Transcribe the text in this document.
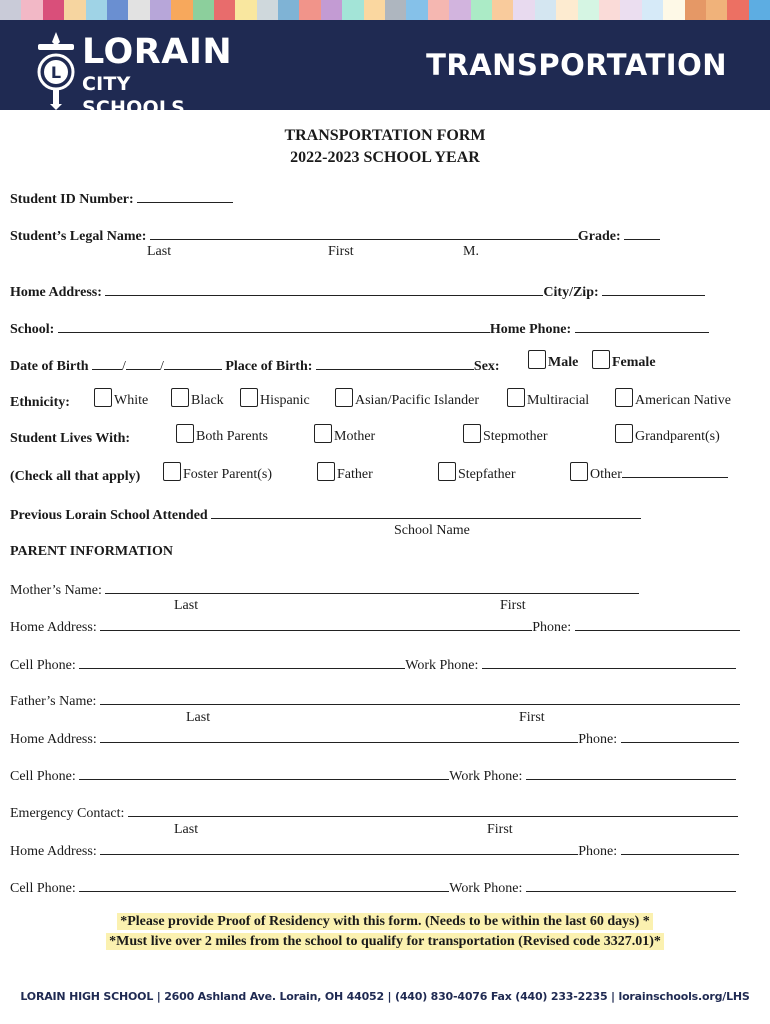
L
LORAIN
CITY SCHOOLS
TRANSPORTATION
TRANSPORTATION FORM
2022-2023 SCHOOL YEAR
Student ID Number:
Student’s Legal Name:	Grade:
Last	First	M.
Home Address:	City/Zip:
School:	Home Phone:
Date of Birth / /	Place of Birth:	Sex:	Male	Female
Ethnicity:	White	Black	Hispanic	Asian/Pacific Islander	Multiracial	American Native
Student Lives With:	Both Parents	Mother	Stepmother	Grandparent(s)
(Check all that apply)	Foster Parent(s)	Father	Stepfather	Other
Previous Lorain School Attended
School Name
PARENT INFORMATION
Mother’s Name:
Last	First
Home Address:	Phone:
Cell Phone:	Work Phone:
Father’s Name:
Last	First
Home Address:	Phone:
Cell Phone:	Work Phone:
Emergency Contact:
Last	First
Home Address:	Phone:
Cell Phone:	Work Phone:
*Please provide Proof of Residency with this form. (Needs to be within the last 60 days) *
*Must live over 2 miles from the school to qualify for transportation (Revised code 3327.01)*
LORAIN HIGH SCHOOL | 2600 Ashland Ave. Lorain, OH 44052 | (440) 830-4076 Fax (440) 233-2235 | lorainschools.org/LHS
